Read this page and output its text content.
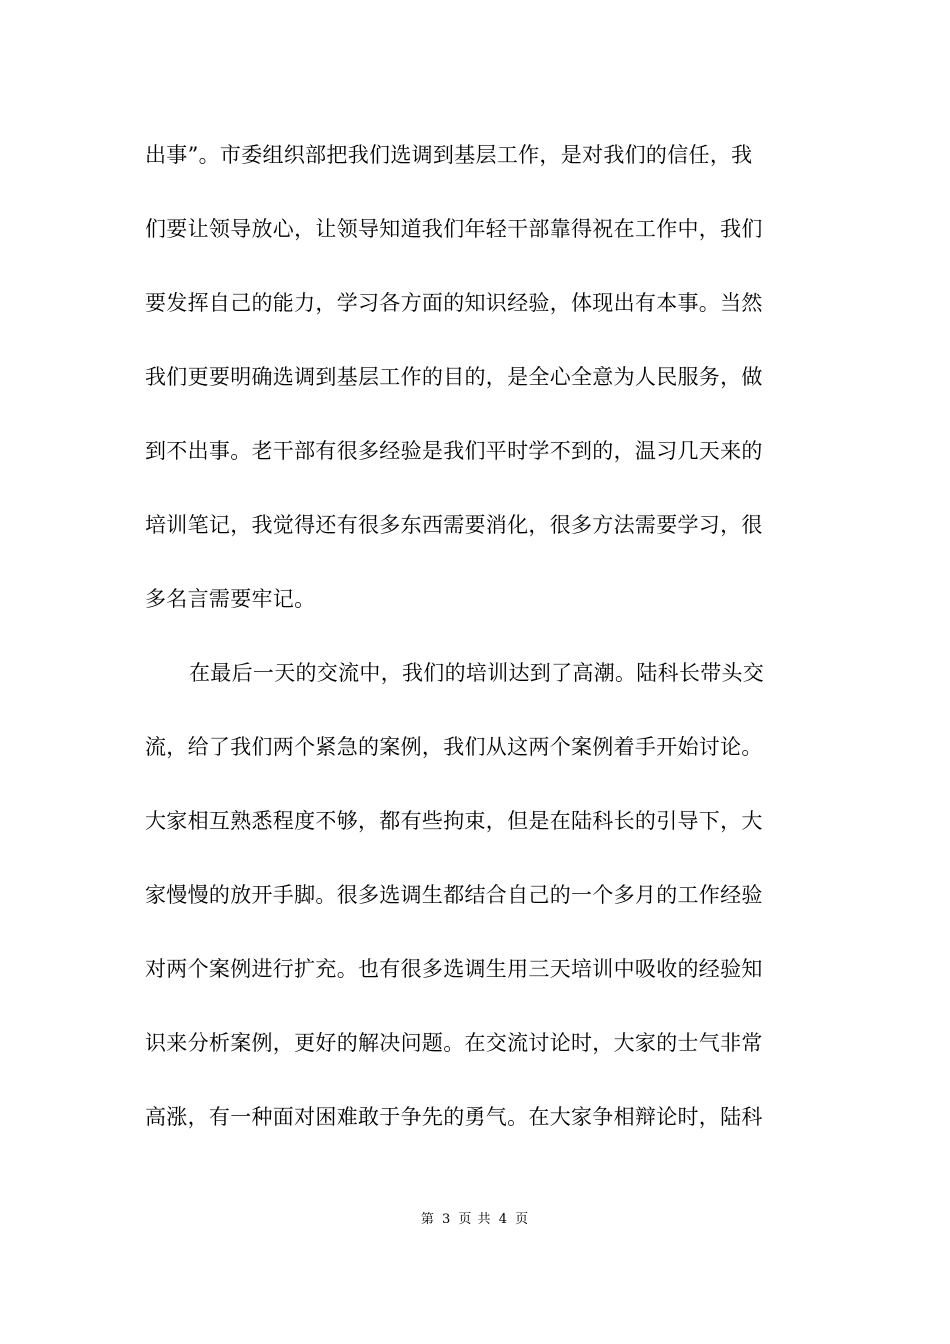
出事”。市委组织部把我们选调到基层工作，是对我们的信任，我
们要让领导放心，让领导知道我们年轻干部靠得祝在工作中，我们
要发挥自己的能力，学习各方面的知识经验，体现出有本事。当然
我们更要明确选调到基层工作的目的，是全心全意为人民服务，做
到不出事。老干部有很多经验是我们平时学不到的，温习几天来的
培训笔记，我觉得还有很多东西需要消化，很多方法需要学习，很
多名言需要牢记。
在最后一天的交流中，我们的培训达到了高潮。陆科长带头交
流，给了我们两个紧急的案例，我们从这两个案例着手开始讨论。
大家相互熟悉程度不够，都有些拘束，但是在陆科长的引导下，大
家慢慢的放开手脚。很多选调生都结合自己的一个多月的工作经验
对两个案例进行扩充。也有很多选调生用三天培训中吸收的经验知
识来分析案例，更好的解决问题。在交流讨论时，大家的士气非常
高涨，有一种面对困难敢于争先的勇气。在大家争相辩论时，陆科
第 3 页 共 4 页
